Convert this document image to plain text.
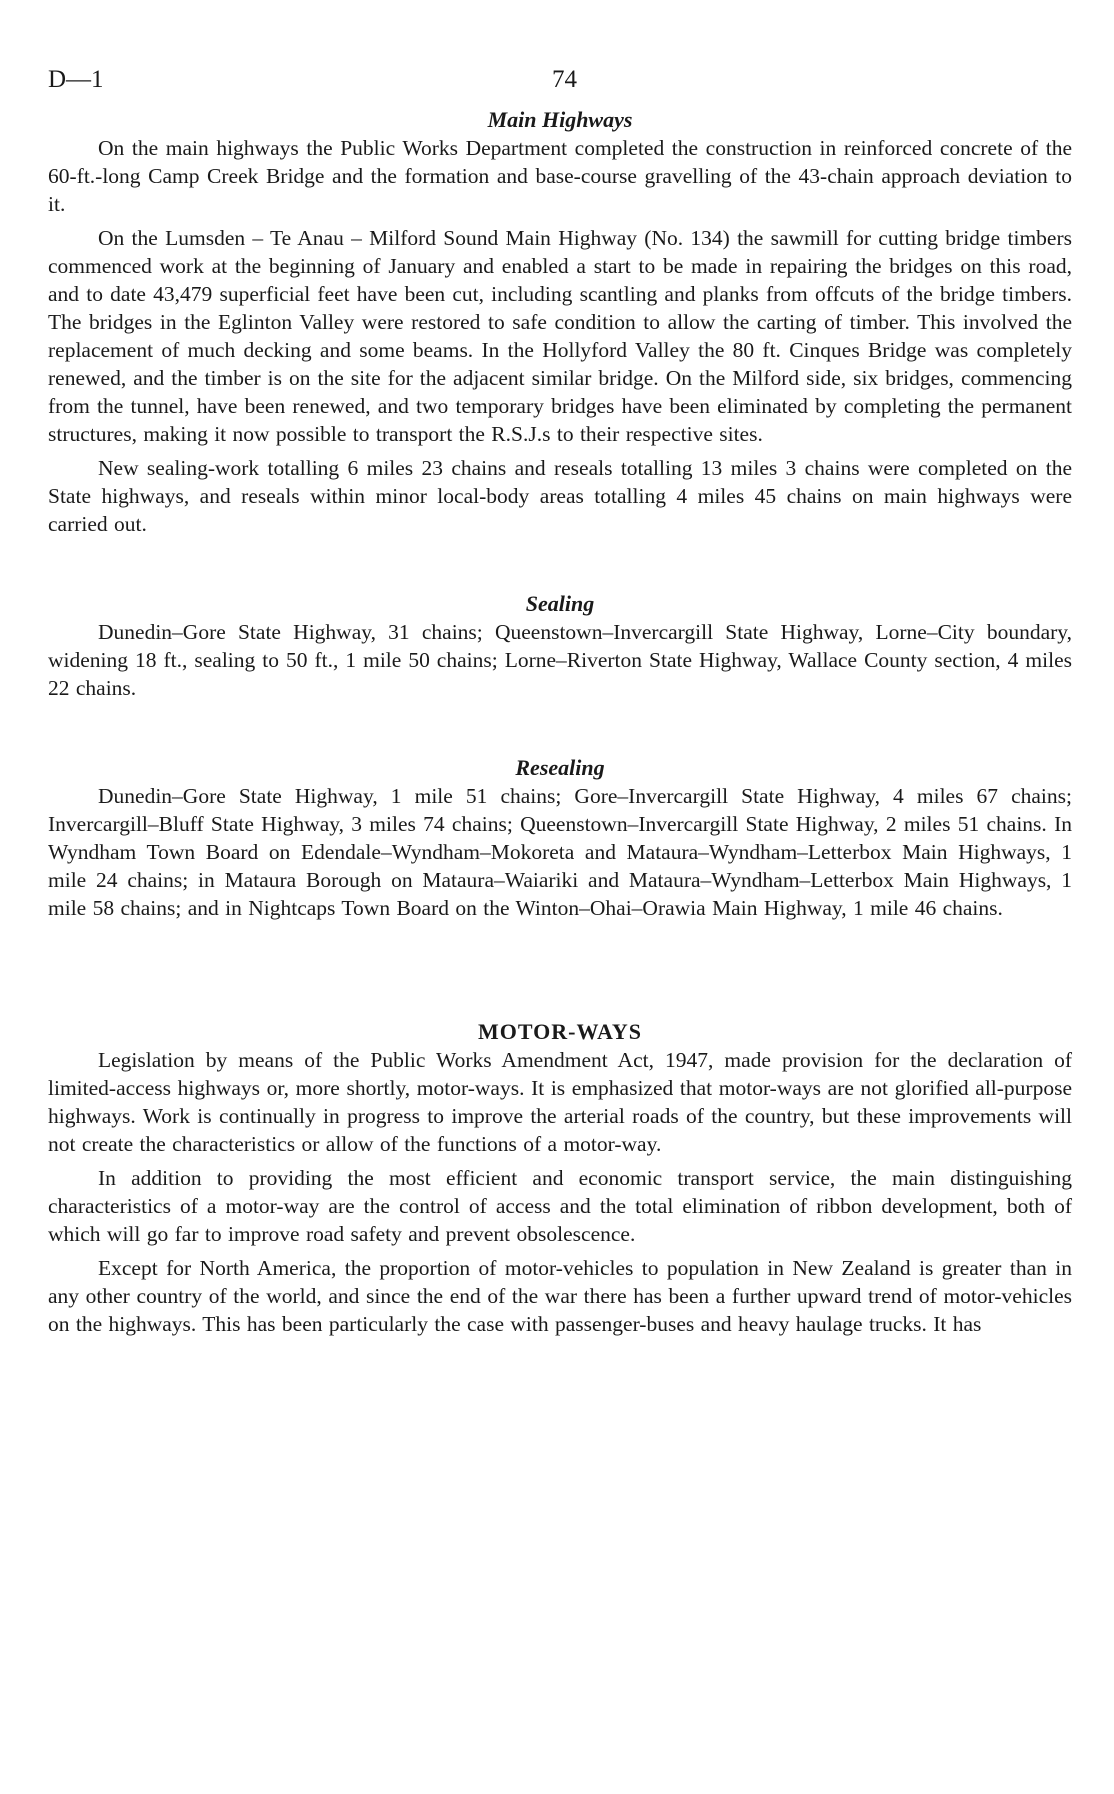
D—1	74
Main Highways

On the main highways the Public Works Department completed the construction in reinforced concrete of the 60-ft.-long Camp Creek Bridge and the formation and base-course gravelling of the 43-chain approach deviation to it.

On the Lumsden – Te Anau – Milford Sound Main Highway (No. 134) the sawmill for cutting bridge timbers commenced work at the beginning of January and enabled a start to be made in repairing the bridges on this road, and to date 43,479 superficial feet have been cut, including scantling and planks from offcuts of the bridge timbers. The bridges in the Eglinton Valley were restored to safe condition to allow the carting of timber. This involved the replacement of much decking and some beams. In the Hollyford Valley the 80 ft. Cinques Bridge was completely renewed, and the timber is on the site for the adjacent similar bridge. On the Milford side, six bridges, commencing from the tunnel, have been renewed, and two temporary bridges have been eliminated by completing the permanent structures, making it now possible to transport the R.S.J.s to their respective sites.

New sealing-work totalling 6 miles 23 chains and reseals totalling 13 miles 3 chains were completed on the State highways, and reseals within minor local-body areas totalling 4 miles 45 chains on main highways were carried out.

Sealing

Dunedin–Gore State Highway, 31 chains; Queenstown–Invercargill State Highway, Lorne–City boundary, widening 18 ft., sealing to 50 ft., 1 mile 50 chains; Lorne–Riverton State Highway, Wallace County section, 4 miles 22 chains.

Resealing

Dunedin–Gore State Highway, 1 mile 51 chains; Gore–Invercargill State Highway, 4 miles 67 chains; Invercargill–Bluff State Highway, 3 miles 74 chains; Queenstown–Invercargill State Highway, 2 miles 51 chains. In Wyndham Town Board on Edendale–Wyndham–Mokoreta and Mataura–Wyndham–Letterbox Main Highways, 1 mile 24 chains; in Mataura Borough on Mataura–Waiariki and Mataura–Wyndham–Letterbox Main Highways, 1 mile 58 chains; and in Nightcaps Town Board on the Winton–Ohai–Orawia Main Highway, 1 mile 46 chains.

MOTOR-WAYS

Legislation by means of the Public Works Amendment Act, 1947, made provision for the declaration of limited-access highways or, more shortly, motor-ways. It is emphasized that motor-ways are not glorified all-purpose highways. Work is continually in progress to improve the arterial roads of the country, but these improvements will not create the characteristics or allow of the functions of a motor-way.

In addition to providing the most efficient and economic transport service, the main distinguishing characteristics of a motor-way are the control of access and the total elimination of ribbon development, both of which will go far to improve road safety and prevent obsolescence.

Except for North America, the proportion of motor-vehicles to population in New Zealand is greater than in any other country of the world, and since the end of the war there has been a further upward trend of motor-vehicles on the highways. This has been particularly the case with passenger-buses and heavy haulage trucks. It has
